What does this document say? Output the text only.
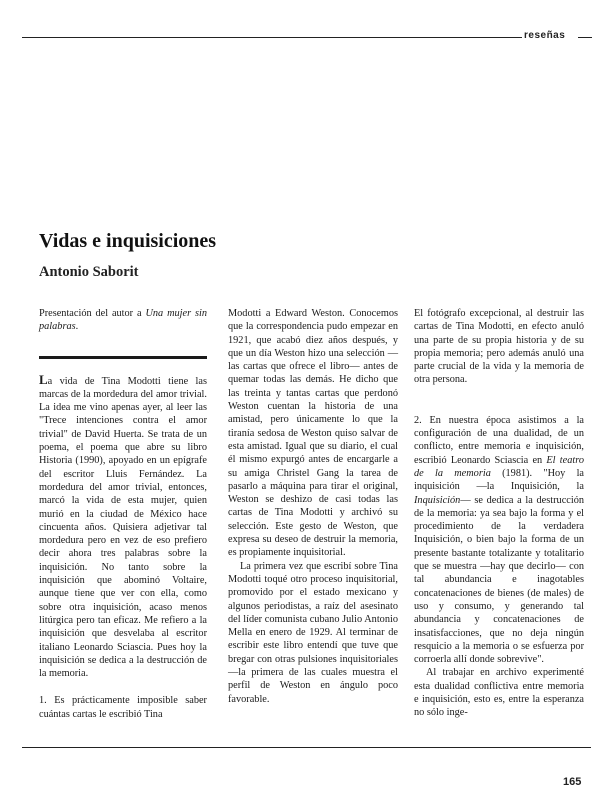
reseñas
Vidas e inquisiciones
Antonio Saborit

Presentación del autor a Una mujer sin palabras.

La vida de Tina Modotti tiene las marcas de la mordedura del amor trivial. La idea me vino apenas ayer, al leer las "Trece intenciones contra el amor trivial" de David Huerta. Se trata de un poema, el poema que abre su libro Historia (1990), apoyado en un epígrafe del escritor Lluis Fernández. La mordedura del amor trivial, entonces, marcó la vida de esta mujer, quien murió en la ciudad de México hace cincuenta años. Quisiera adjetivar tal mordedura pero en vez de eso prefiero decir ahora tres palabras sobre la inquisición. No tanto sobre la inquisición que abominó Voltaire, aunque tiene que ver con ella, como sobre otra inquisición, acaso menos litúrgica pero tan eficaz. Me refiero a la inquisición que desvelaba al escritor italiano Leonardo Sciascia. Pues hoy la inquisición se dedica a la destrucción de la memoria.

1. Es prácticamente imposible saber cuántas cartas le escribió Tina

Modotti a Edward Weston. Conocemos que la correspondencia pudo empezar en 1921, que acabó diez años después, y que un día Weston hizo una selección —las cartas que ofrece el libro— antes de quemar todas las demás. He dicho que las treinta y tantas cartas que perdonó Weston cuentan la historia de una amistad, pero únicamente lo que la tiranía sedosa de Weston quiso salvar de esta amistad. Igual que su diario, el cual él mismo expurgó antes de encargarle a su amiga Christel Gang la tarea de pasarlo a máquina para tirar el original, Weston se deshizo de casi todas las cartas de Tina Modotti y archivó su selección. Este gesto de Weston, que expresa su deseo de destruir la memoria, es propiamente inquisitorial.

La primera vez que escribí sobre Tina Modotti toqué otro proceso inquisitorial, promovido por el estado mexicano y algunos periodistas, a raíz del asesinato del líder comunista cubano Julio Antonio Mella en enero de 1929. Al terminar de escribir este libro entendí que tuve que bregar con otras pulsiones inquisitoriales —la primera de las cuales muestra el perfil de Weston en ángulo poco favorable.

El fotógrafo excepcional, al destruir las cartas de Tina Modotti, en efecto anuló una parte de su propia historia y de su propia memoria; pero además anuló una parte crucial de la vida y la memoria de otra persona.

2. En nuestra época asistimos a la configuración de una dualidad, de un conflicto, entre memoria e inquisición, escribió Leonardo Sciascia en El teatro de la memoria (1981). "Hoy la inquisición —la Inquisición, la Inquisición— se dedica a la destrucción de la memoria: ya sea bajo la forma y el procedimiento de la verdadera Inquisición, o bien bajo la forma de un presente bastante totalizante y totalitario que se muestra —hay que decirlo— con tal abundancia e inagotables concatenaciones de bienes (de males) de uso y consumo, y generando tal abundancia y concatenaciones de insatisfacciones, que no deja ningún resquicio a la memoria o se esfuerza por corroerla allí donde sobrevive".

Al trabajar en archivo experimenté esta dualidad conflictiva entre memoria e inquisición, esto es, entre la esperanza no sólo inge-

165
